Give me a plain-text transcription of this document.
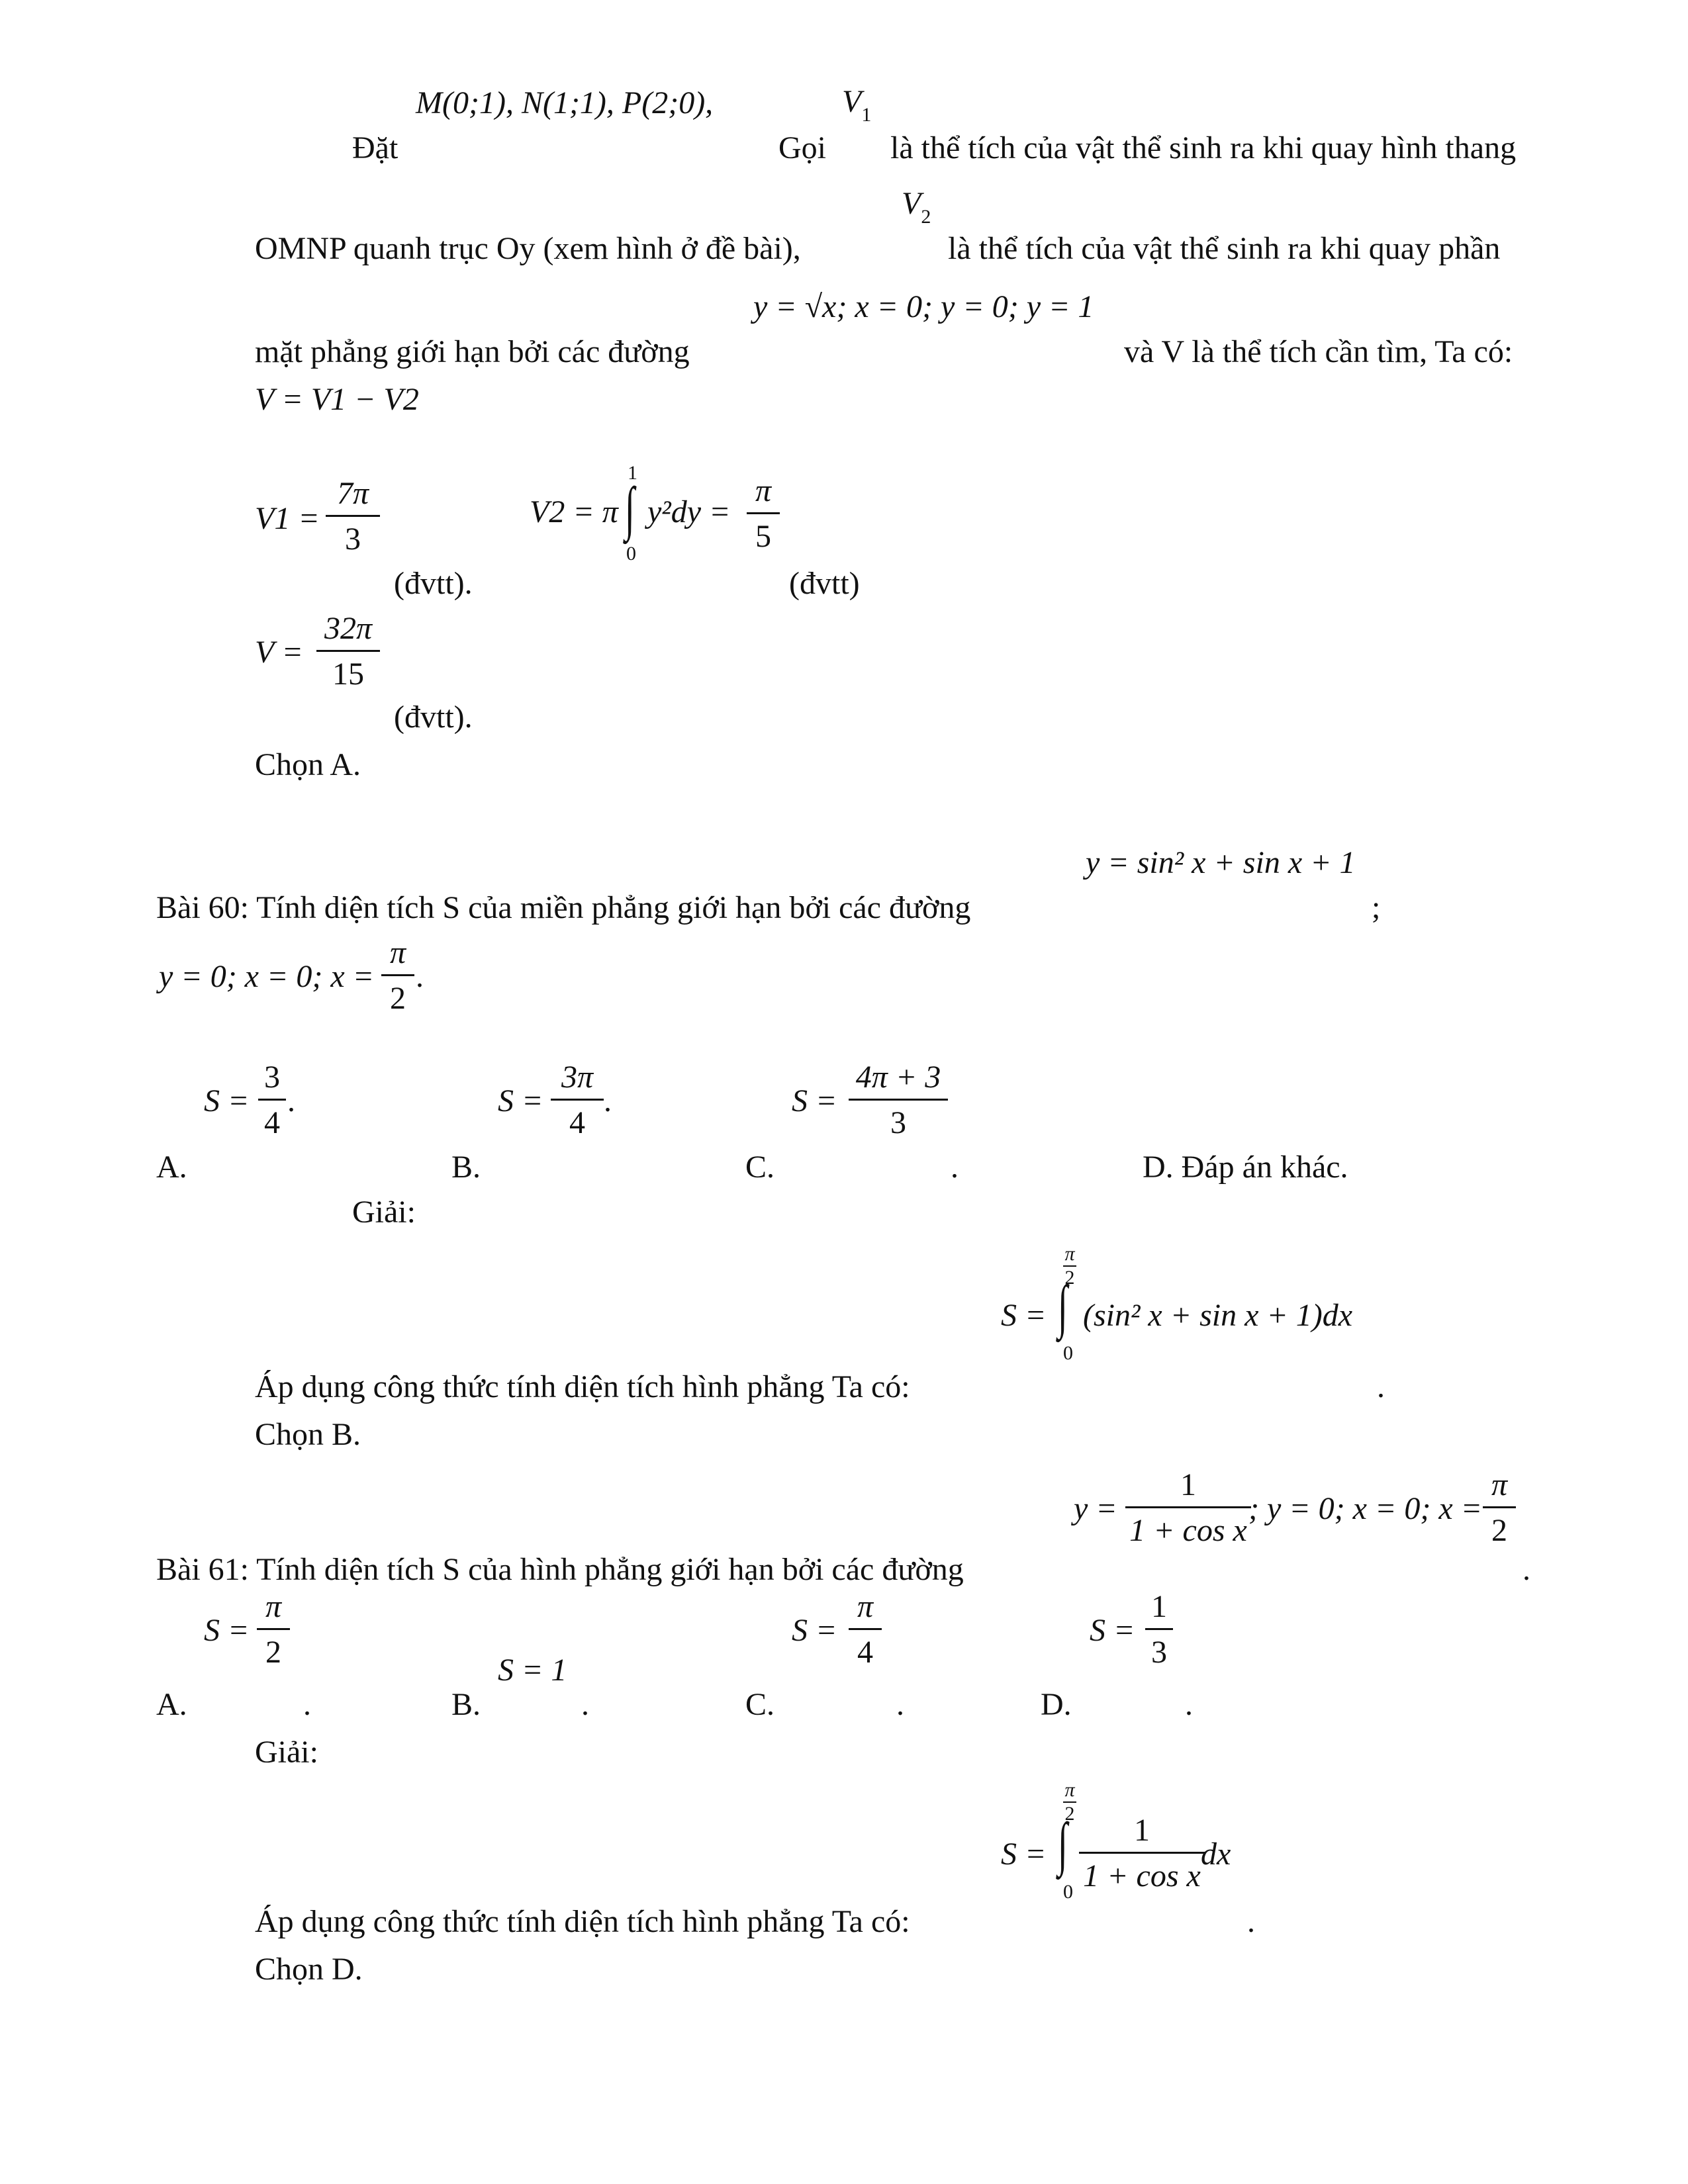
M(0;1), N(1;1), P(2;0),
Đặt
$V_1$
Gọi là thể tích của vật thể sinh ra khi quay hình thang
$V_2$
OMNP quanh trục Oy (xem hình ở đề bài),	là thể tích của vật thể sinh ra khi quay phần
y = √x; x = 0; y = 0; y = 1
mặt phẳng giới hạn bởi các đường	và V là thể tích cần tìm, Ta có:
V = V1 − V2
V1 =
7π
3
(đvtt).
V2 = π
1
∫
0
y²dy =
π
5
(đvtt)
V =
32π
15
(đvtt).
Chọn A.
y = sin² x + sin x + 1
Bài 60: Tính diện tích S của miền phẳng giới hạn bởi các đường	;
y = 0; x = 0; x =
π
2
.
S =
3
4
.
A.
S =
3π
4
.
B.
S =
4π + 3
3
C.	.	D. Đáp án khác.
Giải:
S =
π
2
∫
0
(sin² x + sin x + 1)dx
Áp dụng công thức tính diện tích hình phẳng Ta có:	.
Chọn B.
y =
1
1 + cos x
; y = 0; x = 0; x =
π
2
Bài 61: Tính diện tích S của hình phẳng giới hạn bởi các đường	.
S =
π
2
A.	.
S = 1
B.	.
S =
π
4
C.	.
S =
1
3
D.	.
Giải:
S =
π
2
∫
0
1
1 + cos x
dx
Áp dụng công thức tính diện tích hình phẳng Ta có:	.
Chọn D.
